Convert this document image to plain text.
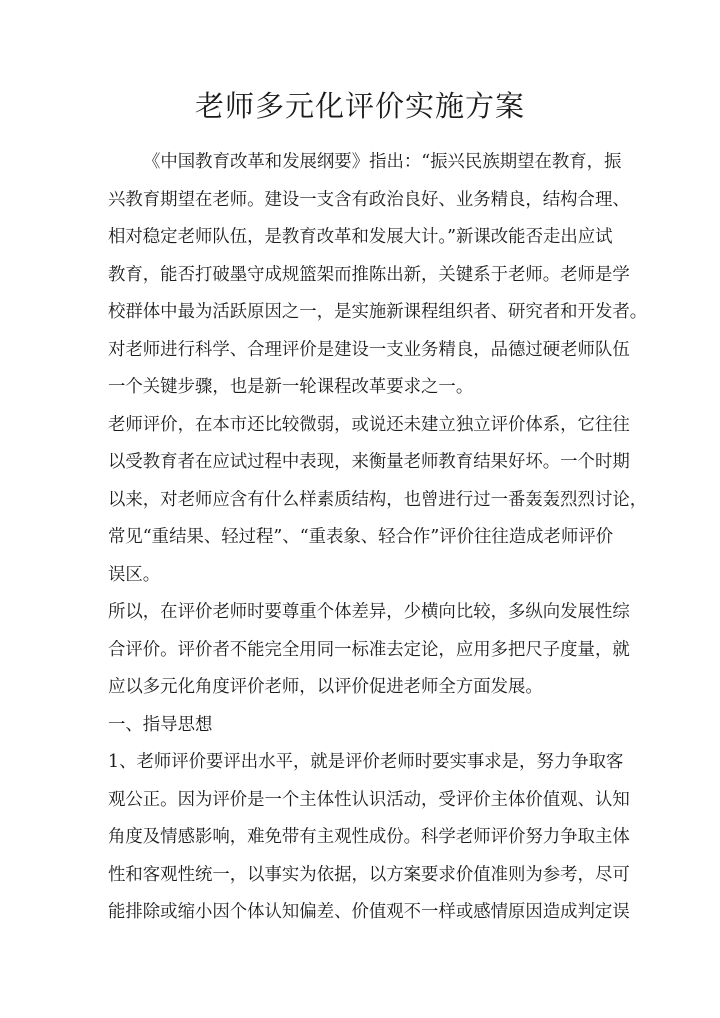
老师多元化评价实施方案
《中国教育改革和发展纲要》指出：“振兴民族期望在教育，振
兴教育期望在老师。建设一支含有政治良好、业务精良，结构合理、
相对稳定老师队伍，是教育改革和发展大计。”新课改能否走出应试
教育，能否打破墨守成规篮架而推陈出新，关键系于老师。老师是学
校群体中最为活跃原因之一，是实施新课程组织者、研究者和开发者。
对老师进行科学、合理评价是建设一支业务精良，品德过硬老师队伍
一个关键步骤，也是新一轮课程改革要求之一。
老师评价，在本市还比较微弱，或说还未建立独立评价体系，它往往
以受教育者在应试过程中表现，来衡量老师教育结果好坏。一个时期
以来，对老师应含有什么样素质结构，也曾进行过一番轰轰烈烈讨论，
常见“重结果、轻过程”、“重表象、轻合作”评价往往造成老师评价
误区。
所以，在评价老师时要尊重个体差异，少横向比较，多纵向发展性综
合评价。评价者不能完全用同一标准去定论，应用多把尺子度量，就
应以多元化角度评价老师，以评价促进老师全方面发展。
一、指导思想
1、老师评价要评出水平，就是评价老师时要实事求是，努力争取客
观公正。因为评价是一个主体性认识活动，受评价主体价值观、认知
角度及情感影响，难免带有主观性成份。科学老师评价努力争取主体
性和客观性统一，以事实为依据，以方案要求价值准则为参考，尽可
能排除或缩小因个体认知偏差、价值观不一样或感情原因造成判定误
